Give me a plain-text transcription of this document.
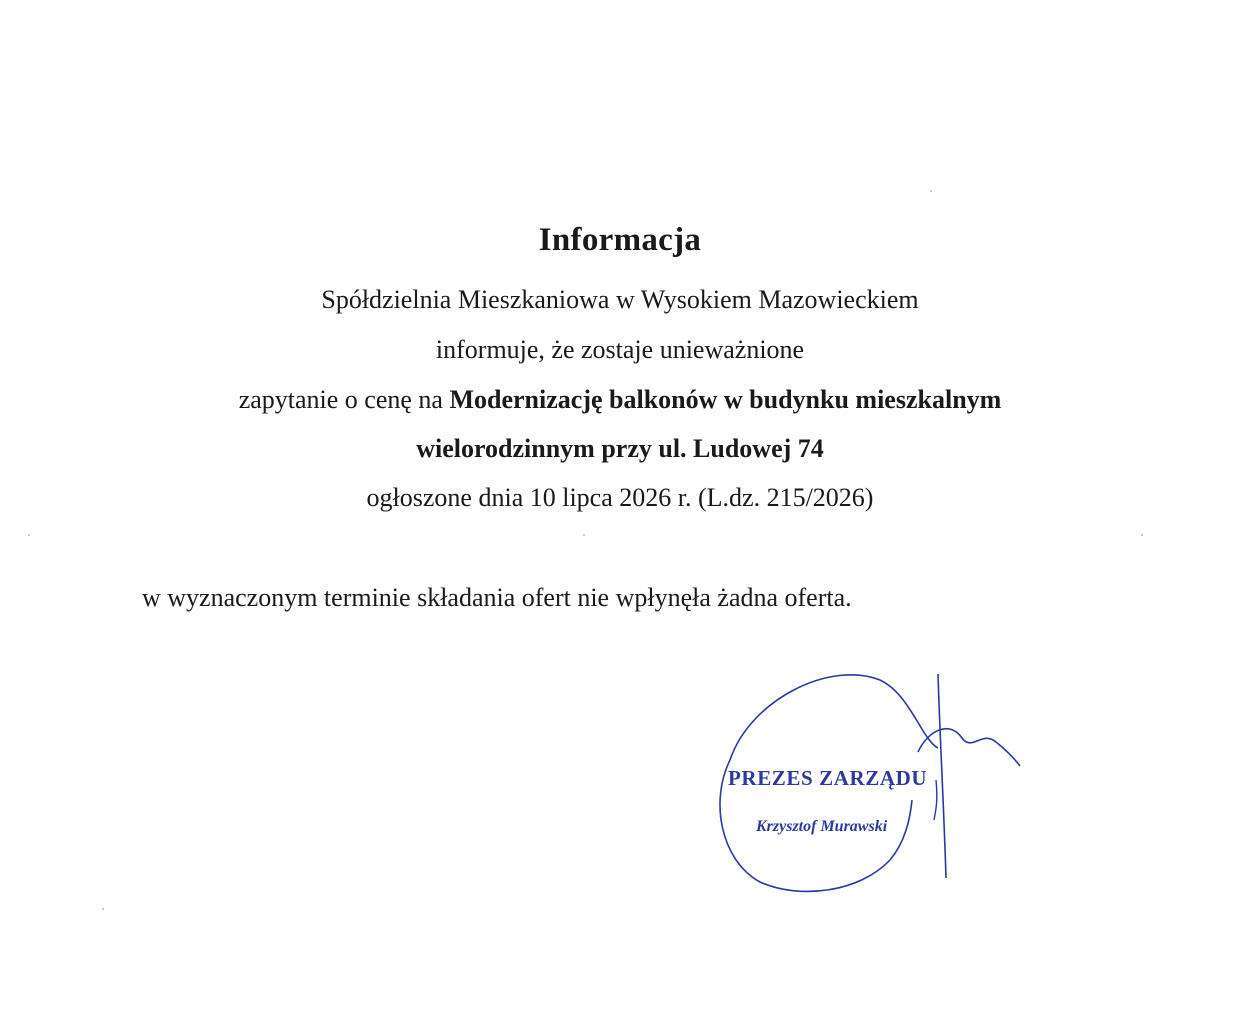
Informacja
Spółdzielnia Mieszkaniowa w Wysokiem Mazowieckiem
informuje, że zostaje unieważnione
zapytanie o cenę na Modernizację balkonów w budynku mieszkalnym
wielorodzinnym przy ul. Ludowej 74
ogłoszone dnia 10 lipca 2026 r. (L.dz. 215/2026)
w wyznaczonym terminie składania ofert nie wpłynęła żadna oferta.
PREZES ZARZĄDU
Krzysztof Murawski
